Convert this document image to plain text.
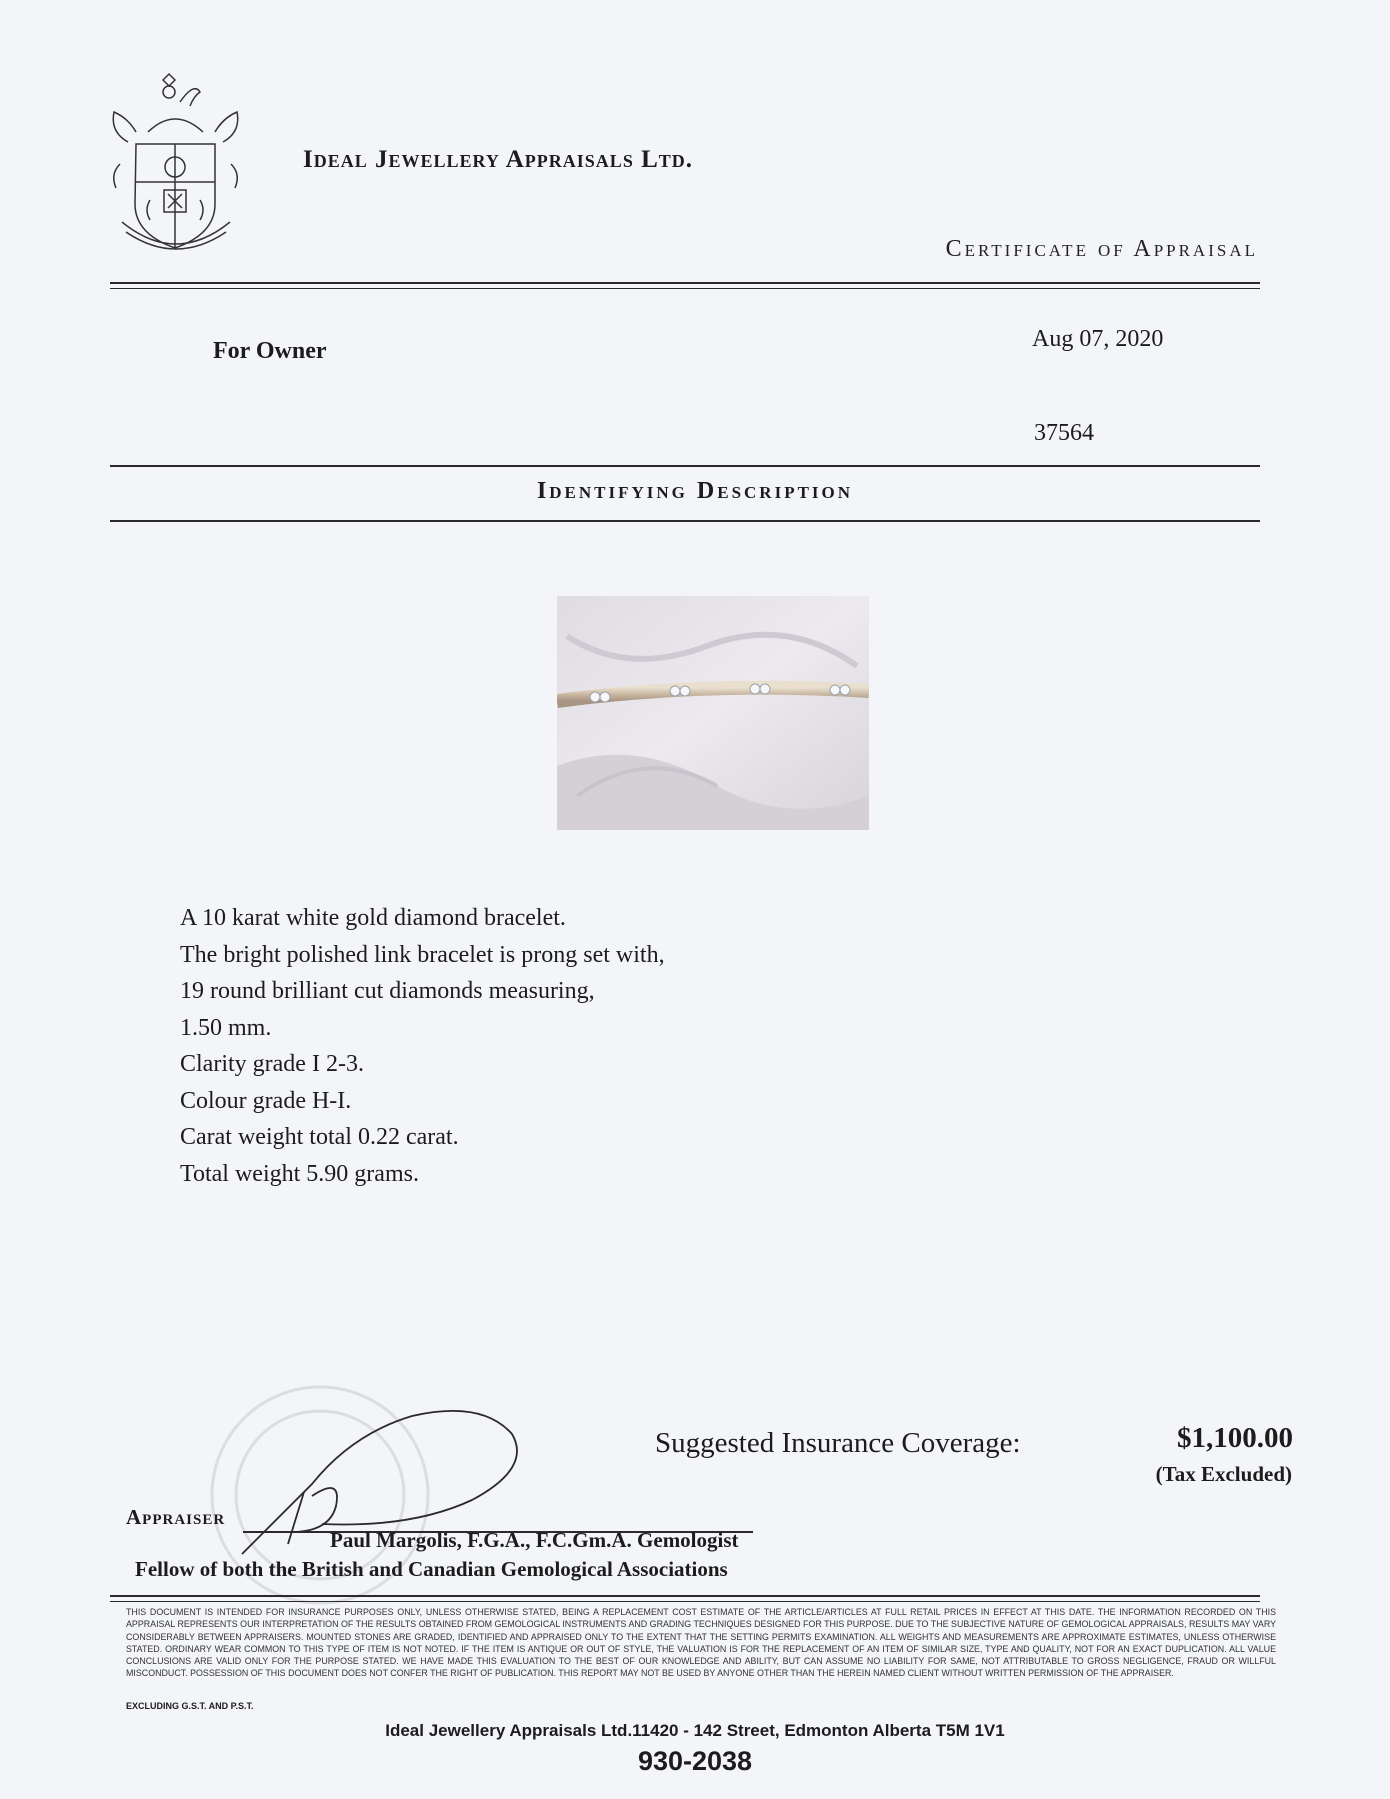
Ideal Jewellery Appraisals Ltd.
Certificate of Appraisal
For Owner	Aug 07, 2020
37564
Identifying Description
A 10 karat white gold diamond bracelet.
The bright polished link bracelet is prong set with,
19 round brilliant cut diamonds measuring,
1.50 mm.
Clarity grade I 2-3.
Colour grade H-I.
Carat weight total 0.22 carat.
Total weight 5.90 grams.
Suggested Insurance Coverage:	$1,100.00
(Tax Excluded)
Appraiser
Paul Margolis, F.G.A., F.C.Gm.A. Gemologist
Fellow of both the British and Canadian Gemological Associations
THIS DOCUMENT IS INTENDED FOR INSURANCE PURPOSES ONLY, UNLESS OTHERWISE STATED, BEING A REPLACEMENT COST ESTIMATE OF THE ARTICLE/ARTICLES AT FULL RETAIL PRICES IN EFFECT AT THIS DATE. THE INFORMATION RECORDED ON THIS APPRAISAL REPRESENTS OUR INTERPRETATION OF THE RESULTS OBTAINED FROM GEMOLOGICAL INSTRUMENTS AND GRADING TECHNIQUES DESIGNED FOR THIS PURPOSE. DUE TO THE SUBJECTIVE NATURE OF GEMOLOGICAL APPRAISALS, RESULTS MAY VARY CONSIDERABLY BETWEEN APPRAISERS. MOUNTED STONES ARE GRADED, IDENTIFIED AND APPRAISED ONLY TO THE EXTENT THAT THE SETTING PERMITS EXAMINATION. ALL WEIGHTS AND MEASUREMENTS ARE APPROXIMATE ESTIMATES, UNLESS OTHERWISE STATED. ORDINARY WEAR COMMON TO THIS TYPE OF ITEM IS NOT NOTED. IF THE ITEM IS ANTIQUE OR OUT OF STYLE, THE VALUATION IS FOR THE REPLACEMENT OF AN ITEM OF SIMILAR SIZE, TYPE AND QUALITY, NOT FOR AN EXACT DUPLICATION. ALL VALUE CONCLUSIONS ARE VALID ONLY FOR THE PURPOSE STATED. WE HAVE MADE THIS EVALUATION TO THE BEST OF OUR KNOWLEDGE AND ABILITY, BUT CAN ASSUME NO LIABILITY FOR SAME, NOT ATTRIBUTABLE TO GROSS NEGLIGENCE, FRAUD OR WILLFUL MISCONDUCT. POSSESSION OF THIS DOCUMENT DOES NOT CONFER THE RIGHT OF PUBLICATION. THIS REPORT MAY NOT BE USED BY ANYONE OTHER THAN THE HEREIN NAMED CLIENT WITHOUT WRITTEN PERMISSION OF THE APPRAISER.
EXCLUDING G.S.T. AND P.S.T.
Ideal Jewellery Appraisals Ltd.11420 - 142 Street, Edmonton Alberta T5M 1V1
930-2038
